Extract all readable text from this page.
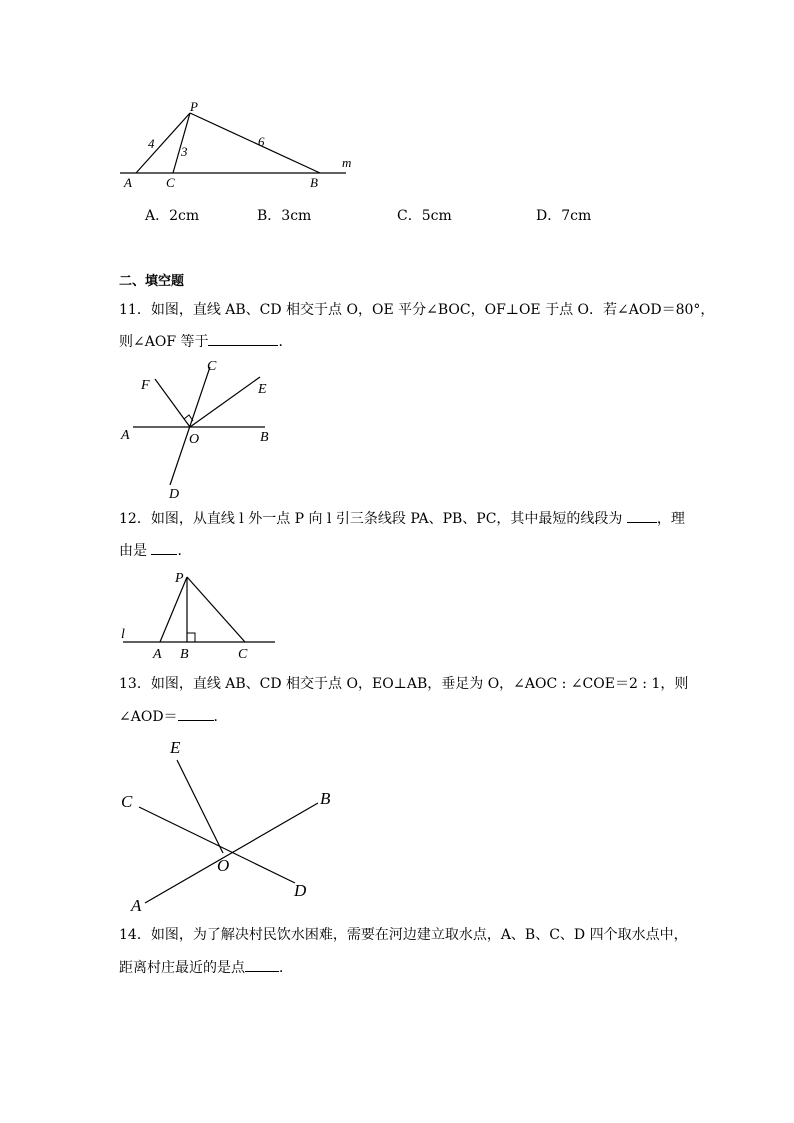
P
A	C	B
m
4
3
6
A．2cm	B．3cm	C．5cm	D．7cm
二、填空题
11．如图，直线 AB、CD 相交于点 O，OE 平分∠BOC，OF⊥OE 于点 O．若∠AOD＝80°，
则∠AOF 等于	．
F
C
E
A	O	B
D
12．如图，从直线 l 外一点 P 向 l 引三条线段 PA、PB、PC，其中最短的线段为 ，理
由是 ．
P
l
A B	C
13．如图，直线 AB、CD 相交于点 O，EO⊥AB，垂足为 O，∠AOC : ∠COE＝2 : 1，则
∠AOD＝	．
E
C	B
O
A
D
14．如图，为了解决村民饮水困难，需要在河边建立取水点，A、B、C、D 四个取水点中，
距离村庄最近的是点 ．
